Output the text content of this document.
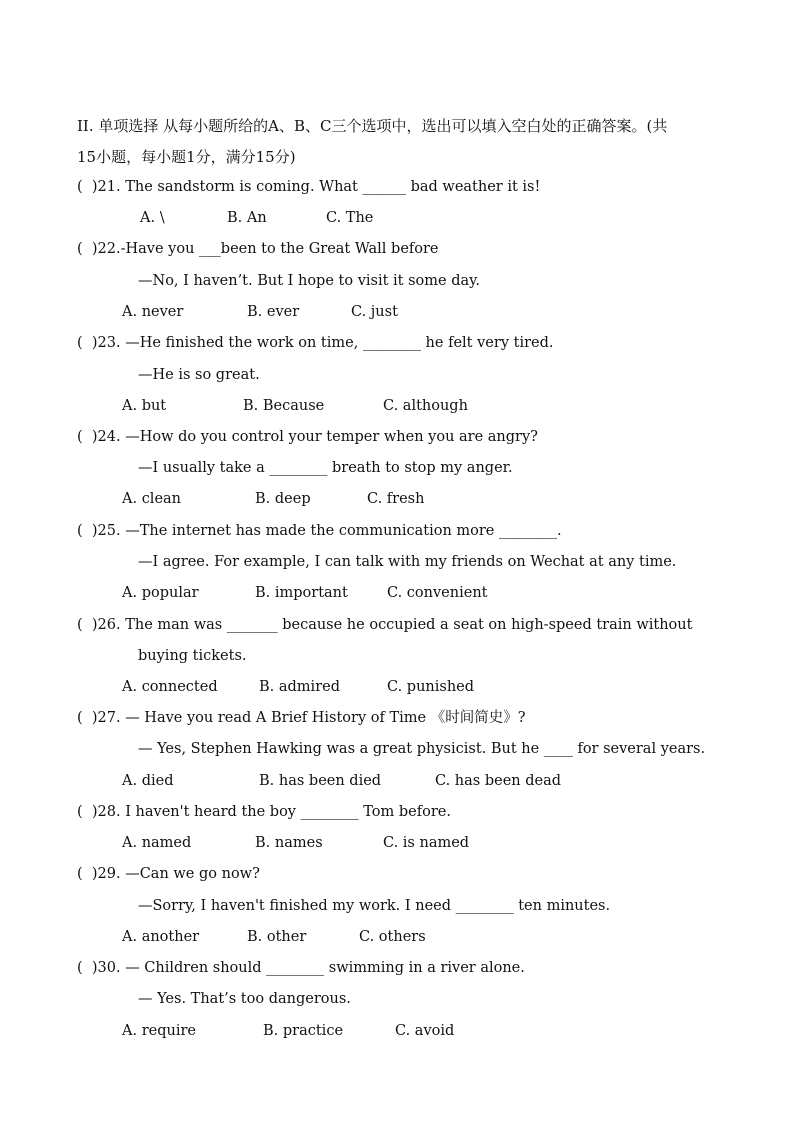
II. 单项选择 从每小题所给的A、B、C三个选项中，选出可以填入空白处的正确答案。(共
15小题，每小题1分，满分15分)
(  )21. The sandstorm is coming. What ______ bad weather it is!
A. \	B. An	C. The
(  )22.-Have you ___been to the Great Wall before
—No, I haven’t. But I hope to visit it some day.
A. never	B. ever	C. just
(  )23. —He finished the work on time, ________ he felt very tired.
—He is so great.
A. but	B. Because	C. although
(  )24. —How do you control your temper when you are angry?
—I usually take a ________ breath to stop my anger.
A. clean	B. deep	C. fresh
(  )25. —The internet has made the communication more ________.
—I agree. For example, I can talk with my friends on Wechat at any time.
A. popular	B. important	C. convenient
(  )26. The man was _______ because he occupied a seat on high-speed train without
buying tickets.
A. connected	B. admired	C. punished
(  )27. — Have you read A Brief History of Time 《时间简史》?
— Yes, Stephen Hawking was a great physicist. But he ____ for several years.
A. died	B. has been died	C. has been dead
(  )28. I haven't heard the boy ________ Tom before.
A. named	B. names	C. is named
(  )29. —Can we go now?
—Sorry, I haven't finished my work. I need ________ ten minutes.
A. another	B. other	C. others
(  )30. — Children should ________ swimming in a river alone.
— Yes. That’s too dangerous.
A. require	B. practice	C. avoid
